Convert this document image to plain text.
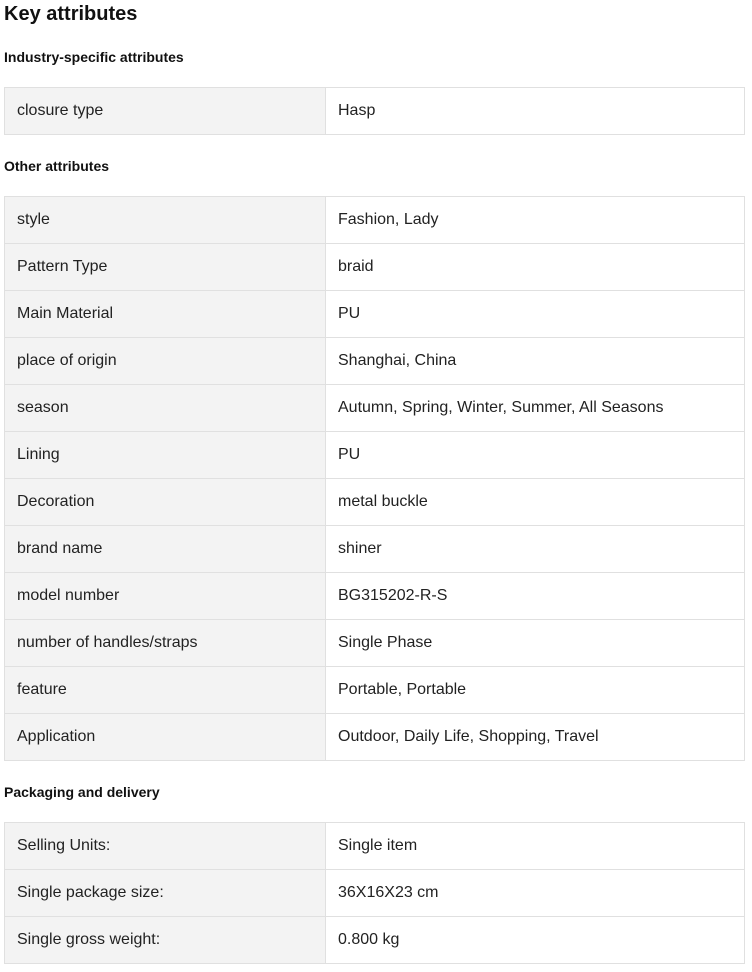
Key attributes
Industry-specific attributes
closure type	Hasp
Other attributes
style	Fashion, Lady
Pattern Type	braid
Main Material	PU
place of origin	Shanghai, China
season	Autumn, Spring, Winter, Summer, All Seasons
Lining	PU
Decoration	metal buckle
brand name	shiner
model number	BG315202-R-S
number of handles/straps	Single Phase
feature	Portable, Portable
Application	Outdoor, Daily Life, Shopping, Travel
Packaging and delivery
Selling Units:	Single item
Single package size:	36X16X23 cm
Single gross weight:	0.800 kg
